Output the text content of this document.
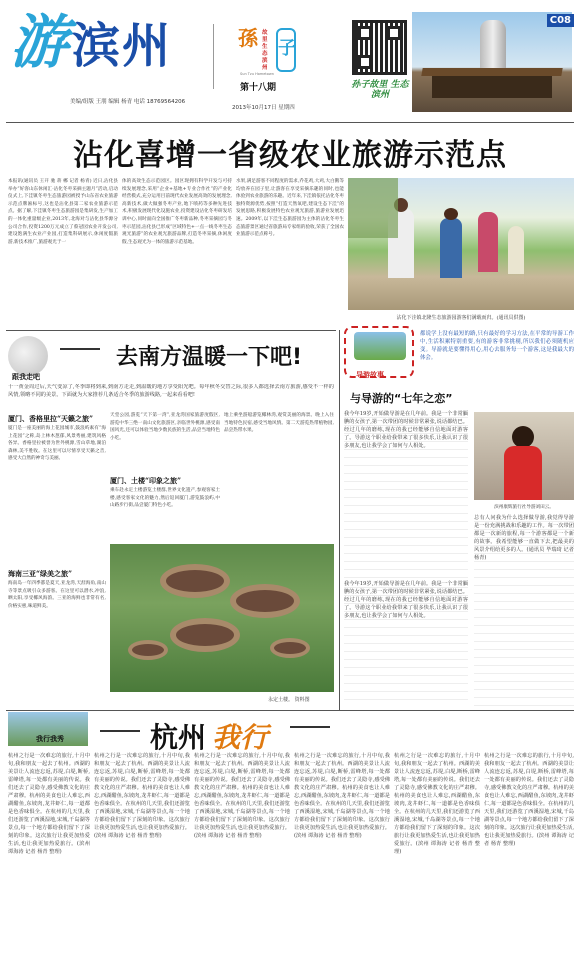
游 滨州
美编/组版 王朋 编辑 杨青 电话 18769564206
第十八期
2013年10月17日 星期四
孫 故里 生态滨州
子
Sun Tzu Hometown
孙子故里 生态滨州
C08
沾化喜增一省级农业旅游示范点
本报讯(通讯员 王开 驰 蒋 郴 记者 杨青) 近日,沾化县举办“好客山东休闲汇·沾化冬枣采摘主题月”活动,启动仪式上,下洼镇冬枣生态旅游园被授予山东省农业旅游示范点牌匾标号,这也是沾化县第二家农业旅游示范点。据了解,下洼镇冬枣生态旅游园是集研发,生产加工的一体化重量级企业,2013年,北海对与沾化县华源分公司合作,投资1200万元成立了蔡冠园农业开发公司,建设饱满生农业产业园,打造集科研展示,休闲度假旅游,新技术推广,旅游观光于一
体的高效生态示范园区。园区现拥有科学开发与可持续发展理念,采用“企业+基地+专业合作社”的产业化经营模式,充分运用目前现代农业发展高效的发展理念,高新技术,做大做强冬枣产业,地下喷药等多种先进技术,积极发展现代化设施农业,投资建设沾化冬枣研发培训中心,同时面向全国推广冬枣新品种,冬枣采摘园与冬枣示范园,沾化县已形成“区域特色+一点一线冬枣生态观光旅游”的农业观光旅游品牌,打造冬枣采摘,休闲度假,生态观光为一体的旅游示范基地。
水果,满足游客不同程度的需求,乔花鸡,大鸡,大白鹅等均放养在园子里,让游客在享受采摘乐趣的同时,也能体验到农业旅游的乐趣。近年来,下洼镇依托沾化冬枣独特资源优势,按照“打造天然氧吧,建设生态下洼”的发展思路,积极发展特色农业观光旅游,旅游业发展迅速。2009年,以下洼生态旅游园为主体的沾化冬枣生态旅游景区通过省旅游局专家组的验收,荣获了全国农业旅游示范点称号。
沾化下洼镇北隆生态旅游园游客们满载而归。(通讯员供图)
跟我走吧
去南方温暖一下吧!
十一黄金周过后,天气变凉了,冬季即将到来,到南方走走,到温暖的地方享受阳光吧。每年秋冬交替之际,很多人都选择去南方旅游,感受不一样的风情,领略不同的美景。下面就为大家推荐几条适合冬季的旅游线路,一起来看看吧!
厦门、香格里拉“天籁之旅”
厦门是一座美丽的海上花园城市,鼓浪屿素有“海上花园”之称,岛上林木葱郁,风景秀丽,建筑风格各异。香格里拉被誉为世外桃源,雪山草地,湖泊森林,美不胜收。在这里可以尽情享受天籁之音,感受大自然的神奇与美丽。
海南三亚“绿美之旅”
海南岛一年四季都是夏天,亚龙湾,天涯海角,南山寺等景点吸引众多游客。在这里可以潜水,冲浪,晒太阳,享受椰风海韵。三亚的海鲜也非常有名,价格实惠,味道鲜美。
天堂公园,游览“天下第一湾”,亚龙湾国家旅游度假区,游览中华三绝一南山文化旅游区,亲临世外桃源,感受南国风光,还可以体验当地少数民族的生活,品尝当地特色小吃。
厦门、土楼“印象之旅”
乘车赴永定土楼游览土楼群,世界文化遗产,参观客家土楼,感受客家文化的魅力,然后返回厦门,游览鼓浪屿,中山路步行街,品尝厦门特色小吃。
地上乘坐游船游览椰林湾,观赏美丽的海景。晚上入住当地特色民宿,感受当地风情。第二天游览热带植物园,品尝热带水果。
永定土楼。 资料图
导游故事
都说学上没有最短的路,只有最好的学习方法,在平常的导游工作中,生活积累特别重要,有的游客非常挑剔,所以我们必须随机应变。导游就是要懂得用心,用心去服务每一个游客,这是我最大的体会。
与导游的“七年之恋”
我今年19岁,开始做导游是在几年前。我是一个非常腼腆的女孩子,第一次带团的时候非常紧张,说话都结巴。经过几年的磨练,现在的我已经能够自信地面对游客了。导游这个职业给我带来了很多快乐,让我认识了很多朋友,也让我学会了如何与人相处。
滨州康辉旅行社导游刘田云。
总有人问我为什么选择做导游,我觉得导游是一份充满挑战和乐趣的工作。每一次带团都是一次新的旅程,每一个游客都是一个新的故事。我希望能够一直做下去,把最美的风景介绍给更多的人。(通讯员 毕瑞琦 记者 杨青)
我今年19岁,开始做导游是在几年前。我是一个非常腼腆的女孩子,第一次带团的时候非常紧张,说话都结巴。经过几年的磨练,现在的我已经能够自信地面对游客了。导游这个职业给我带来了很多快乐,让我认识了很多朋友,也让我学会了如何与人相处。
我行我秀	杭州 我行
杭州之行是一次难忘的旅行,十月中旬,我和朋友一起去了杭州。西湖的美景让人流连忘返,苏堤,白堤,断桥,雷峰塔,每一处都有美丽的传说。我们还去了灵隐寺,感受佛教文化的庄严肃穆。杭州的美食也让人难忘,西湖醋鱼,东坡肉,龙井虾仁,每一道都是色香味俱全。在杭州的几天里,我们还游览了西溪湿地,宋城,千岛湖等景点,每一个地方都给我们留下了深刻的印象。这次旅行让我更加热爱生活,也让我更加热爱旅行。(滨州 谭海涛 记者 杨青 整理)
杭州之行是一次难忘的旅行,十月中旬,我和朋友一起去了杭州。西湖的美景让人流连忘返,苏堤,白堤,断桥,雷峰塔,每一处都有美丽的传说。我们还去了灵隐寺,感受佛教文化的庄严肃穆。杭州的美食也让人难忘,西湖醋鱼,东坡肉,龙井虾仁,每一道都是色香味俱全。在杭州的几天里,我们还游览了西溪湿地,宋城,千岛湖等景点,每一个地方都给我们留下了深刻的印象。这次旅行让我更加热爱生活,也让我更加热爱旅行。(滨州 谭海涛 记者 杨青 整理)
杭州之行是一次难忘的旅行,十月中旬,我和朋友一起去了杭州。西湖的美景让人流连忘返,苏堤,白堤,断桥,雷峰塔,每一处都有美丽的传说。我们还去了灵隐寺,感受佛教文化的庄严肃穆。杭州的美食也让人难忘,西湖醋鱼,东坡肉,龙井虾仁,每一道都是色香味俱全。在杭州的几天里,我们还游览了西溪湿地,宋城,千岛湖等景点,每一个地方都给我们留下了深刻的印象。这次旅行让我更加热爱生活,也让我更加热爱旅行。(滨州 谭海涛 记者 杨青 整理)
杭州之行是一次难忘的旅行,十月中旬,我和朋友一起去了杭州。西湖的美景让人流连忘返,苏堤,白堤,断桥,雷峰塔,每一处都有美丽的传说。我们还去了灵隐寺,感受佛教文化的庄严肃穆。杭州的美食也让人难忘,西湖醋鱼,东坡肉,龙井虾仁,每一道都是色香味俱全。在杭州的几天里,我们还游览了西溪湿地,宋城,千岛湖等景点,每一个地方都给我们留下了深刻的印象。这次旅行让我更加热爱生活,也让我更加热爱旅行。(滨州 谭海涛 记者 杨青 整理)
杭州之行是一次难忘的旅行,十月中旬,我和朋友一起去了杭州。西湖的美景让人流连忘返,苏堤,白堤,断桥,雷峰塔,每一处都有美丽的传说。我们还去了灵隐寺,感受佛教文化的庄严肃穆。杭州的美食也让人难忘,西湖醋鱼,东坡肉,龙井虾仁,每一道都是色香味俱全。在杭州的几天里,我们还游览了西溪湿地,宋城,千岛湖等景点,每一个地方都给我们留下了深刻的印象。这次旅行让我更加热爱生活,也让我更加热爱旅行。(滨州 谭海涛 记者 杨青 整理)
杭州之行是一次难忘的旅行,十月中旬,我和朋友一起去了杭州。西湖的美景让人流连忘返,苏堤,白堤,断桥,雷峰塔,每一处都有美丽的传说。我们还去了灵隐寺,感受佛教文化的庄严肃穆。杭州的美食也让人难忘,西湖醋鱼,东坡肉,龙井虾仁,每一道都是色香味俱全。在杭州的几天里,我们还游览了西溪湿地,宋城,千岛湖等景点,每一个地方都给我们留下了深刻的印象。这次旅行让我更加热爱生活,也让我更加热爱旅行。(滨州 谭海涛 记者 杨青 整理)
